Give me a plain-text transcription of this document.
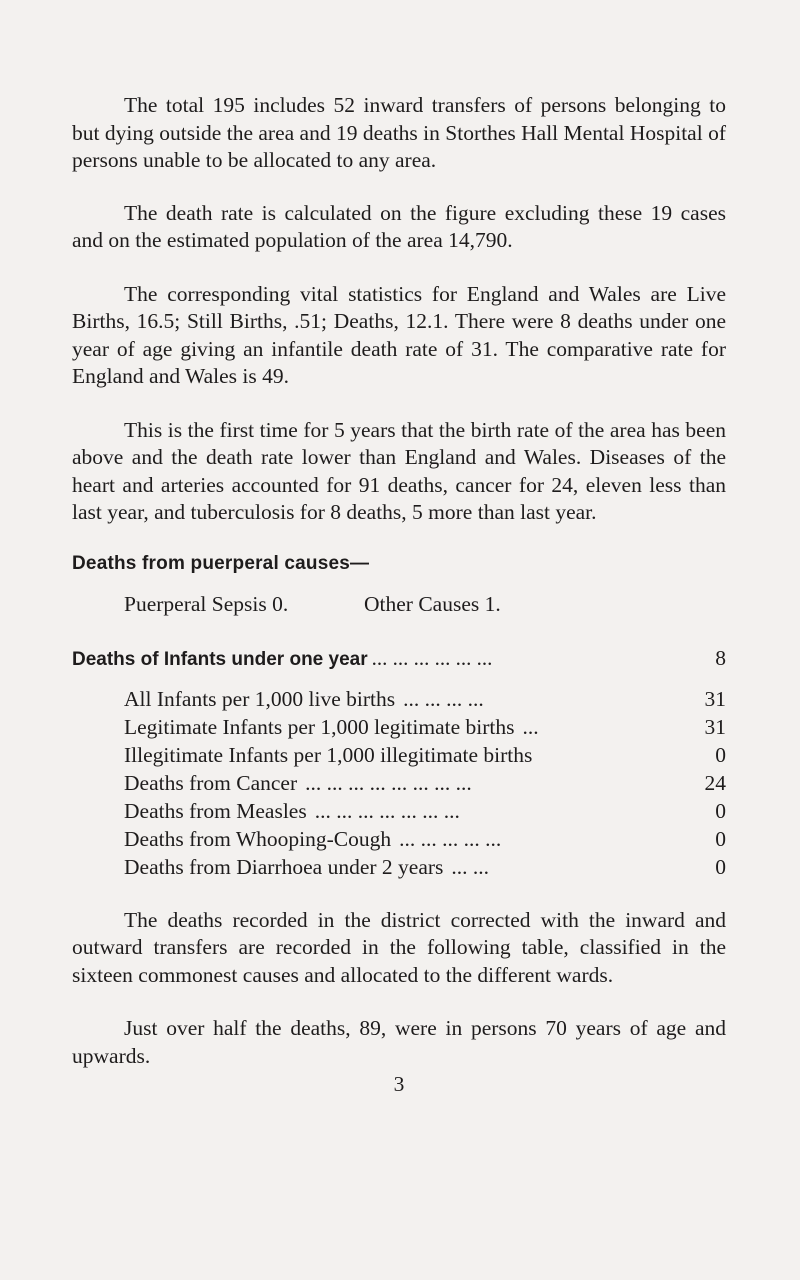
The total 195 includes 52 inward transfers of persons belonging to but dying outside the area and 19 deaths in Storthes Hall Mental Hospital of persons unable to be allocated to any area.

The death rate is calculated on the figure excluding these 19 cases and on the estimated population of the area 14,790.

The corresponding vital statistics for England and Wales are Live Births, 16.5; Still Births, .51; Deaths, 12.1. There were 8 deaths under one year of age giving an infantile death rate of 31. The comparative rate for England and Wales is 49.

This is the first time for 5 years that the birth rate of the area has been above and the death rate lower than England and Wales. Diseases of the heart and arteries accounted for 91 deaths, cancer for 24, eleven less than last year, and tuberculosis for 8 deaths, 5 more than last year.

Deaths from puerperal causes—
Puerperal Sepsis 0.	Other Causes 1.
Deaths of Infants under one year ... ... ... ... ... ...	8
All Infants per 1,000 live births ... ... ... ...	31
Legitimate Infants per 1,000 legitimate births ...	31
Illegitimate Infants per 1,000 illegitimate births	0
Deaths from Cancer ... ... ... ... ... ... ... ...	24
Deaths from Measles ... ... ... ... ... ... ...	0
Deaths from Whooping-Cough ... ... ... ... ...	0
Deaths from Diarrhoea under 2 years ... ...	0

The deaths recorded in the district corrected with the inward and outward transfers are recorded in the following table, classified in the sixteen commonest causes and allocated to the different wards.

Just over half the deaths, 89, were in persons 70 years of age and upwards.

3
